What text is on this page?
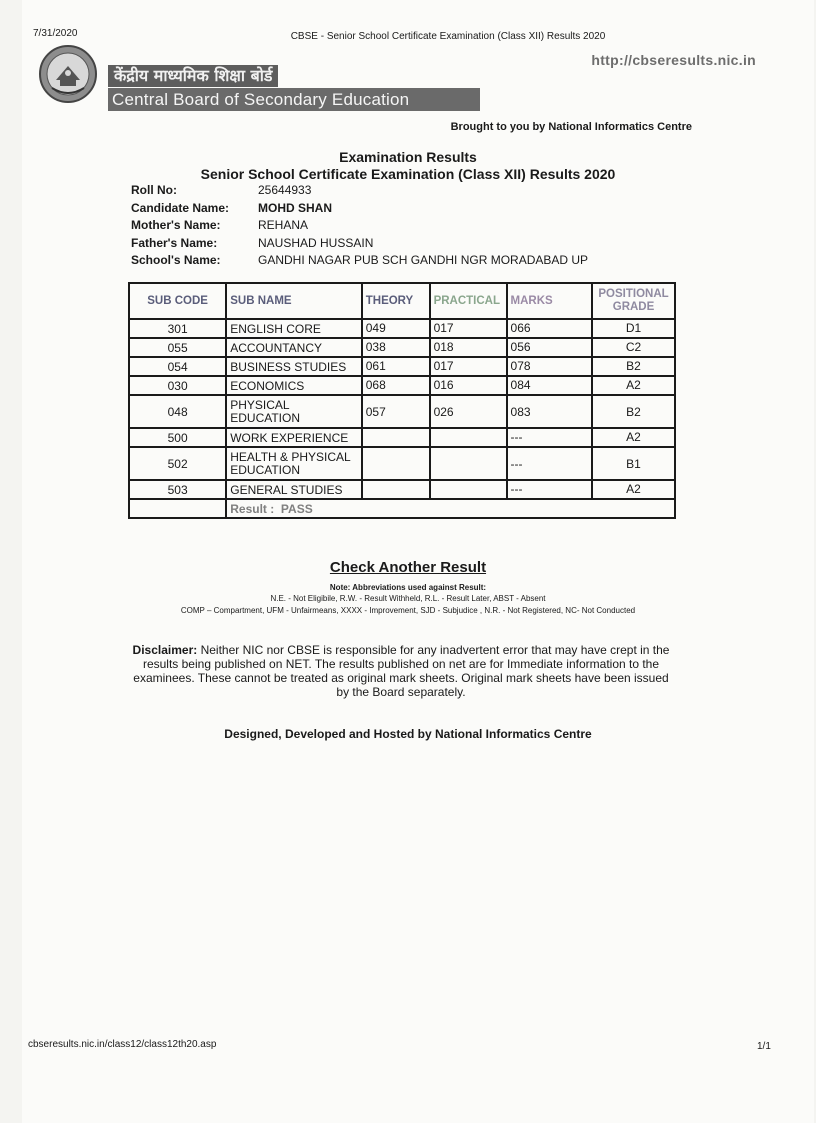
7/31/2020	CBSE - Senior School Certificate Examination (Class XII) Results 2020
http://cbseresults.nic.in
केंद्रीय माध्यमिक शिक्षा बोर्ड
Central Board of Secondary Education
Brought to you by National Informatics Centre
Examination Results
Senior School Certificate Examination (Class XII) Results 2020
Roll No:	25644933
Candidate Name:	MOHD SHAN
Mother's Name:	REHANA
Father's Name:	NAUSHAD HUSSAIN
School's Name:	GANDHI NAGAR PUB SCH GANDHI NGR MORADABAD UP
SUB CODE	SUB NAME	THEORY	PRACTICAL	MARKS	POSITIONAL
GRADE
301	ENGLISH CORE	049	017	066	D1
055	ACCOUNTANCY	038	018	056	C2
054	BUSINESS STUDIES	061	017	078	B2
030	ECONOMICS	068	016	084	A2
048	PHYSICAL
EDUCATION	057	026	083	B2
500	WORK EXPERIENCE			---	A2
502	HEALTH & PHYSICAL
EDUCATION			---	B1
503	GENERAL STUDIES			---	A2
	Result : PASS				
Check Another Result
Note: Abbreviations used against Result:
N.E. - Not Eligibile, R.W. - Result Withheld, R.L. - Result Later, ABST - Absent
COMP – Compartment, UFM - Unfairmeans, XXXX - Improvement, SJD - Subjudice , N.R. - Not Registered, NC- Not Conducted
Disclaimer: Neither NIC nor CBSE is responsible for any inadvertent error that may have crept in the results being published on NET. The results published on net are for Immediate information to the examinees. These cannot be treated as original mark sheets. Original mark sheets have been issued by the Board separately.
Designed, Developed and Hosted by National Informatics Centre
cbseresults.nic.in/class12/class12th20.asp	1/1
